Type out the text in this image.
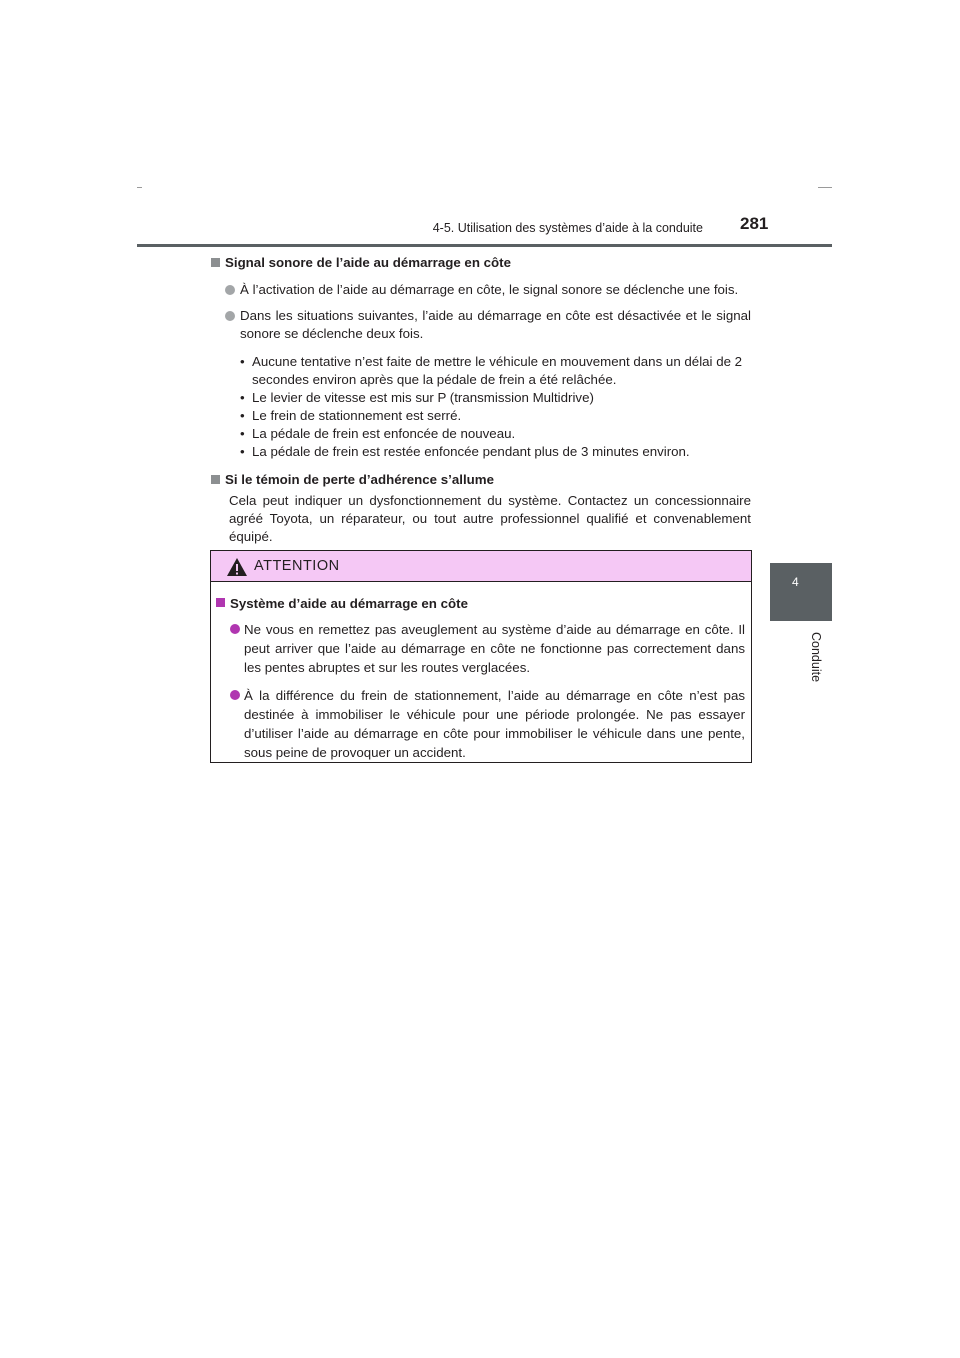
4-5. Utilisation des systèmes d’aide à la conduite 281
4
Conduite
Signal sonore de l’aide au démarrage en côte
À l’activation de l’aide au démarrage en côte, le signal sonore se déclenche une fois.
Dans les situations suivantes, l’aide au démarrage en côte est désactivée et le signal sonore se déclenche deux fois.
• Aucune tentative n’est faite de mettre le véhicule en mouvement dans un délai de 2 secondes environ après que la pédale de frein a été relâchée.
• Le levier de vitesse est mis sur P (transmission Multidrive)
• Le frein de stationnement est serré.
• La pédale de frein est enfoncée de nouveau.
• La pédale de frein est restée enfoncée pendant plus de 3 minutes environ.
Si le témoin de perte d’adhérence s’allume

Cela peut indiquer un dysfonctionnement du système. Contactez un concessionnaire agréé Toyota, un réparateur, ou tout autre professionnel qualifié et convenablement équipé.

ATTENTION
Système d’aide au démarrage en côte
Ne vous en remettez pas aveuglement au système d’aide au démarrage en côte. Il peut arriver que l’aide au démarrage en côte ne fonctionne pas correctement dans les pentes abruptes et sur les routes verglacées.
À la différence du frein de stationnement, l’aide au démarrage en côte n’est pas destinée à immobiliser le véhicule pour une période prolongée. Ne pas essayer d’utiliser l’aide au démarrage en côte pour immobiliser le véhicule dans une pente, sous peine de provoquer un accident.
